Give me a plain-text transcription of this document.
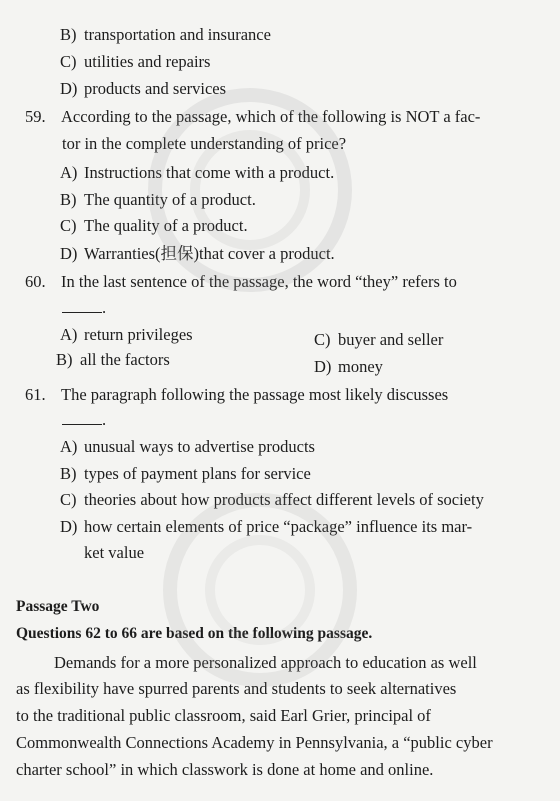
B) transportation and insurance
C) utilities and repairs
D) products and services
59. According to the passage, which of the following is NOT a fac-
tor in the complete understanding of price?
A) Instructions that come with a product.
B) The quantity of a product.
C) The quality of a product.
D) Warranties(担保)that cover a product.
60. In the last sentence of the passage, the word “they” refers to
.
A) return privileges	C) buyer and seller
B) all the factors	D) money
61. The paragraph following the passage most likely discusses
.
A) unusual ways to advertise products
B) types of payment plans for service
C) theories about how products affect different levels of society
D) how certain elements of price “package” influence its mar-
ket value
Passage Two
Questions 62 to 66 are based on the following passage.
Demands for a more personalized approach to education as well
as flexibility have spurred parents and students to seek alternatives
to the traditional public classroom, said Earl Grier, principal of
Commonwealth Connections Academy in Pennsylvania, a “public cyber
charter school” in which classwork is done at home and online.
